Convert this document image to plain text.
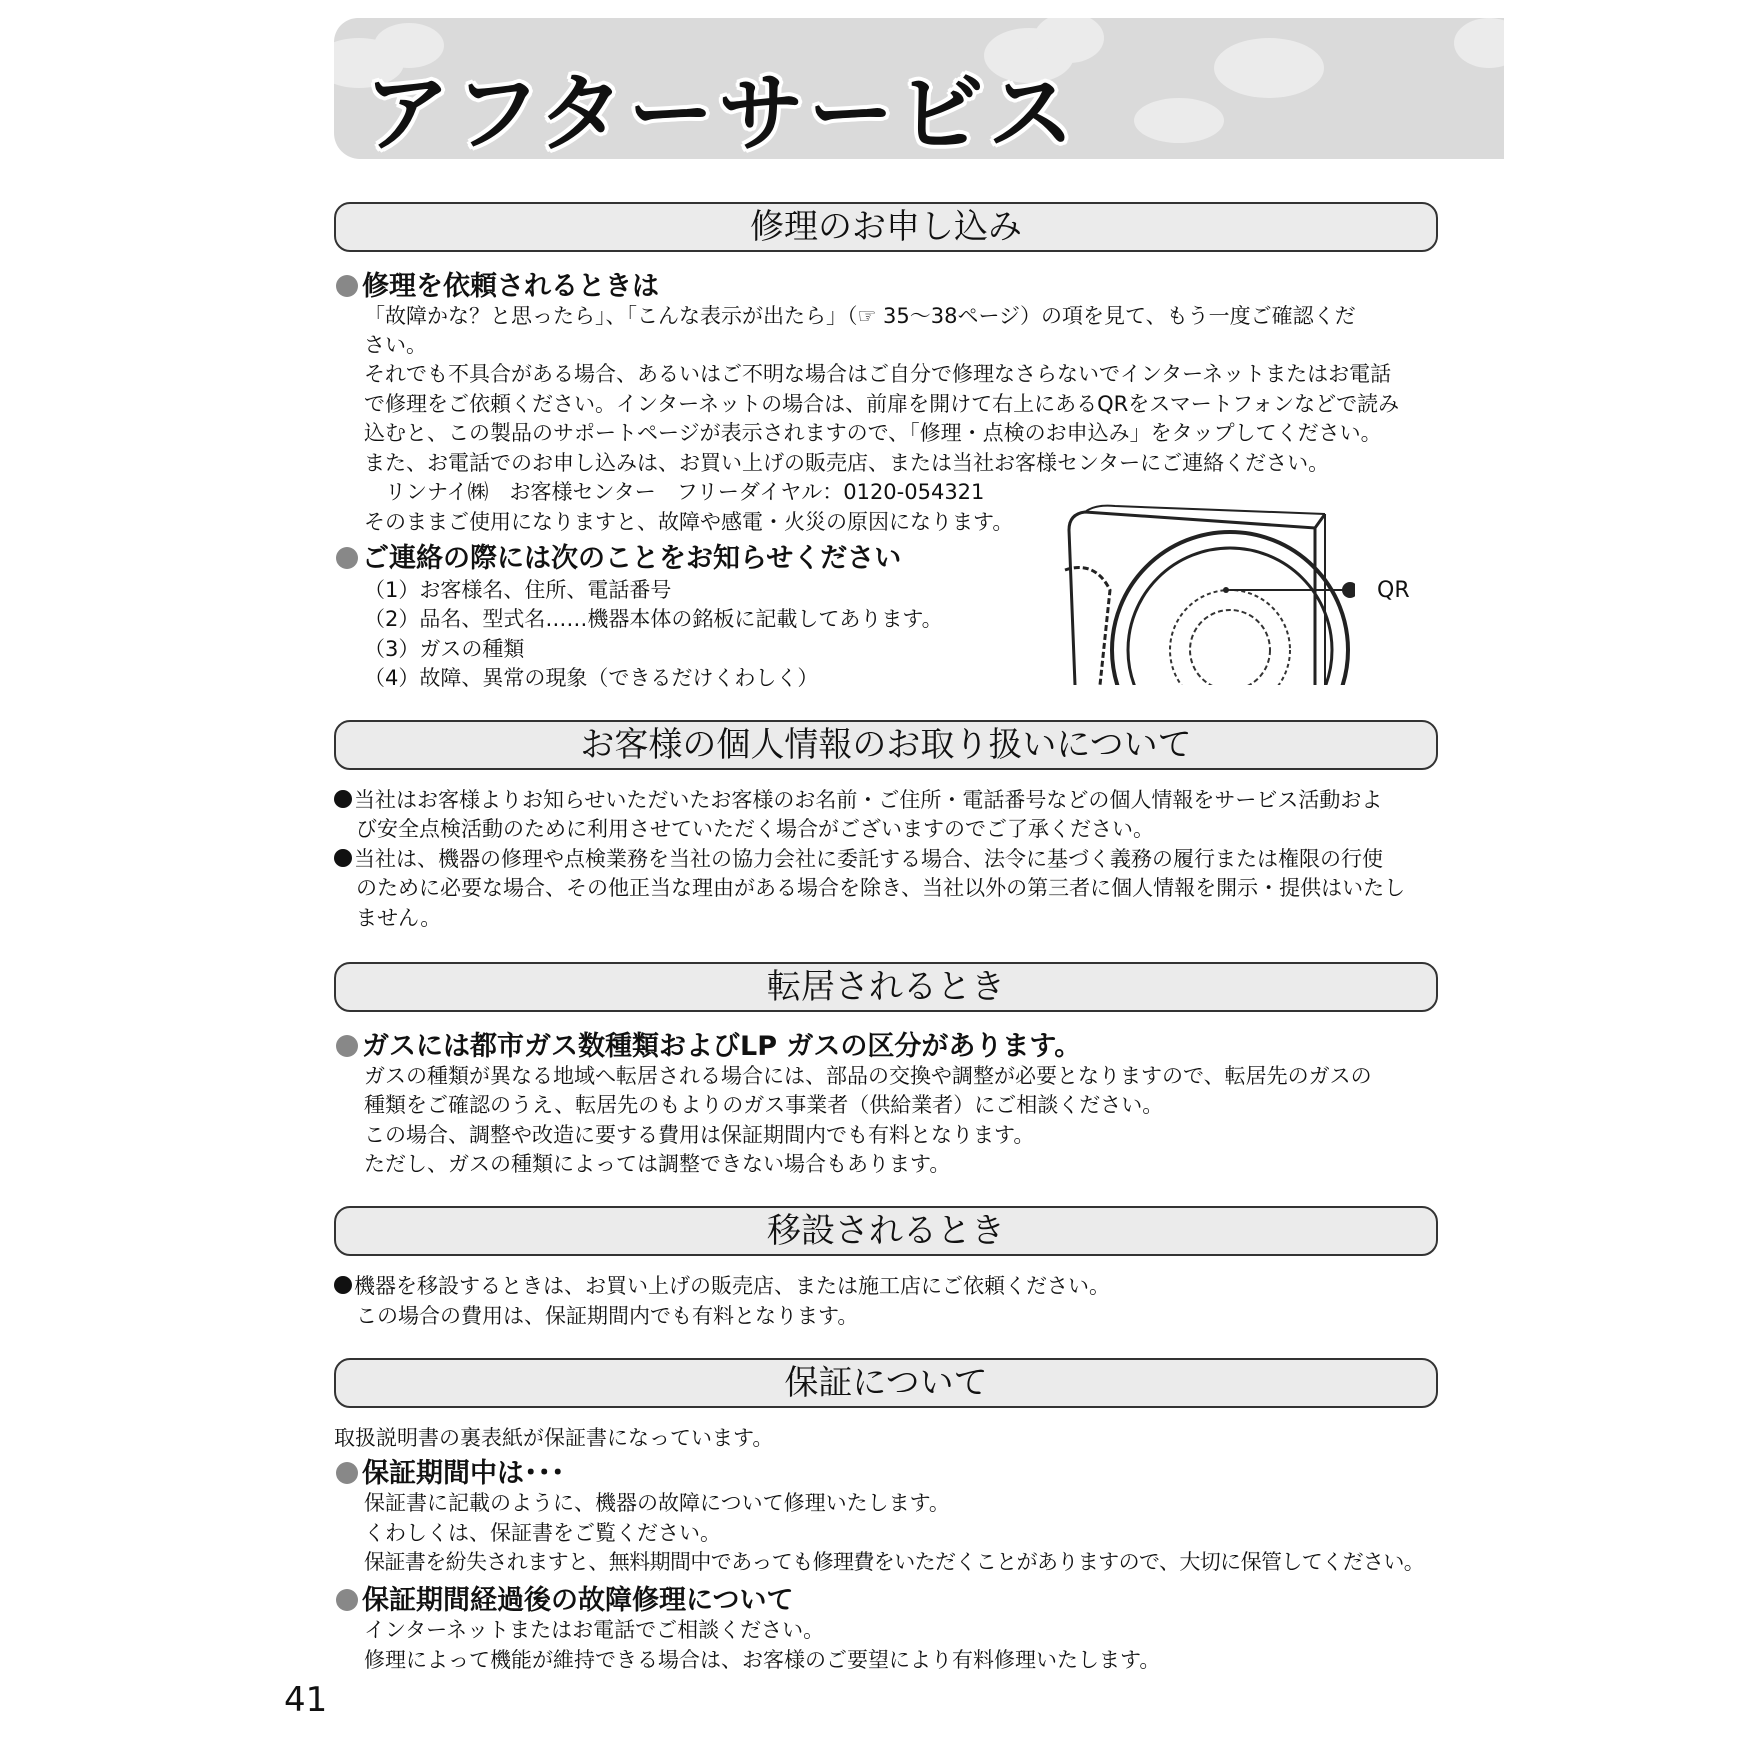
アフターサービス
修理のお申し込み
修理を依頼されるときは
「故障かな？と思ったら」、「こんな表示が出たら」（☞ 35〜38ページ）の項を見て、もう一度ご確認くだ
さい。
それでも不具合がある場合、あるいはご不明な場合はご自分で修理なさらないでインターネットまたはお電話
で修理をご依頼ください。インターネットの場合は、前扉を開けて右上にあるQRをスマートフォンなどで読み
込むと、この製品のサポートページが表示されますので、「修理・点検のお申込み」をタップしてください。
また、お電話でのお申し込みは、お買い上げの販売店、または当社お客様センターにご連絡ください。
　リンナイ㈱　お客様センター　フリーダイヤル：0120-054321
そのままご使用になりますと、故障や感電・火災の原因になります。
ご連絡の際には次のことをお知らせください
（1）お客様名、住所、電話番号
（2）品名、型式名……機器本体の銘板に記載してあります。
（3）ガスの種類
（4）故障、異常の現象（できるだけくわしく）
QR
お客様の個人情報のお取り扱いについて
当社はお客様よりお知らせいただいたお客様のお名前・ご住所・電話番号などの個人情報をサービス活動およ
び安全点検活動のために利用させていただく場合がございますのでご了承ください。
当社は、機器の修理や点検業務を当社の協力会社に委託する場合、法令に基づく義務の履行または権限の行使
のために必要な場合、その他正当な理由がある場合を除き、当社以外の第三者に個人情報を開示・提供はいたし
ません。
転居されるとき
ガスには都市ガス数種類およびLP ガスの区分があります。
ガスの種類が異なる地域へ転居される場合には、部品の交換や調整が必要となりますので、転居先のガスの
種類をご確認のうえ、転居先のもよりのガス事業者（供給業者）にご相談ください。
この場合、調整や改造に要する費用は保証期間内でも有料となります。
ただし、ガスの種類によっては調整できない場合もあります。
移設されるとき
機器を移設するときは、お買い上げの販売店、または施工店にご依頼ください。
この場合の費用は、保証期間内でも有料となります。
保証について
取扱説明書の裏表紙が保証書になっています。
保証期間中は･･･
保証書に記載のように、機器の故障について修理いたします。
くわしくは、保証書をご覧ください。
保証書を紛失されますと、無料期間中であっても修理費をいただくことがありますので、大切に保管してください。
保証期間経過後の故障修理について
インターネットまたはお電話でご相談ください。
修理によって機能が維持できる場合は、お客様のご要望により有料修理いたします。
41
